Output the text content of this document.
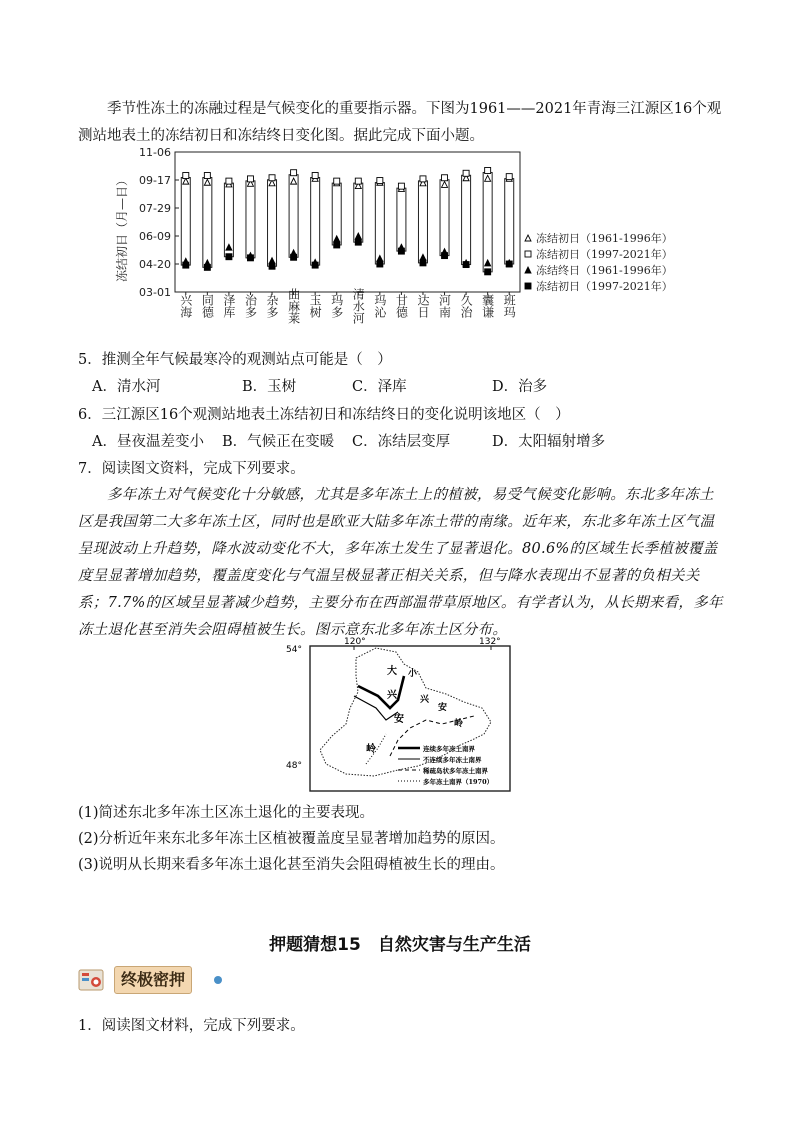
季节性冻土的冻融过程是气候变化的重要指示器。下图为1961——2021年青海三江源区16个观测站地表土的冻结初日和冻结终日变化图。据此完成下面小题。

冻结初日（月—日）
11-06
09-17
07-29
06-09
04-20
03-01
兴海 同德 泽库 治多 杂多 曲麻莱 玉树 玛多 清水河 玛沁 甘德 达日 河南 久治 囊谦 班玛
冻结初日（1961-1996年）
冻结初日（1997-2021年）
冻结终日（1961-1996年）
冻结初日（1997-2021年）
5．推测全年气候最寒冷的观测站点可能是（　）
A．清水河	B．玉树	C．泽库	D．治多
6．三江源区16个观测站地表土冻结初日和冻结终日的变化说明该地区（　）
A．昼夜温差变小 B．气候正在变暖 C．冻结层变厚	D．太阳辐射增多
7．阅读图文资料，完成下列要求。

多年冻土对气候变化十分敏感，尤其是多年冻土上的植被，易受气候变化影响。东北多年冻土区是我国第二大多年冻土区，同时也是欧亚大陆多年冻土带的南缘。近年来，东北多年冻土区气温呈现波动上升趋势，降水波动变化不大，多年冻土发生了显著退化。80.6%的区域生长季植被覆盖度呈显著增加趋势，覆盖度变化与气温呈极显著正相关关系，但与降水表现出不显著的负相关关系；7.7%的区域呈显著减少趋势，主要分布在西部温带草原地区。有学者认为，从长期来看，多年冻土退化甚至消失会阻碍植被生长。图示意东北多年冻土区分布。

120°	132°
54°
48°
大 小
兴	兴
安
安
岭
岭
连续多年冻土南界
不连续多年冻土南界
稀疏岛状多年冻土南界
多年冻土南界（1970）
(1)简述东北多年冻土区冻土退化的主要表现。
(2)分析近年来东北多年冻土区植被覆盖度呈显著增加趋势的原因。
(3)说明从长期来看多年冻土退化甚至消失会阻碍植被生长的理由。
押题猜想15　自然灾害与生产生活
终极密押
1．阅读图文材料，完成下列要求。
